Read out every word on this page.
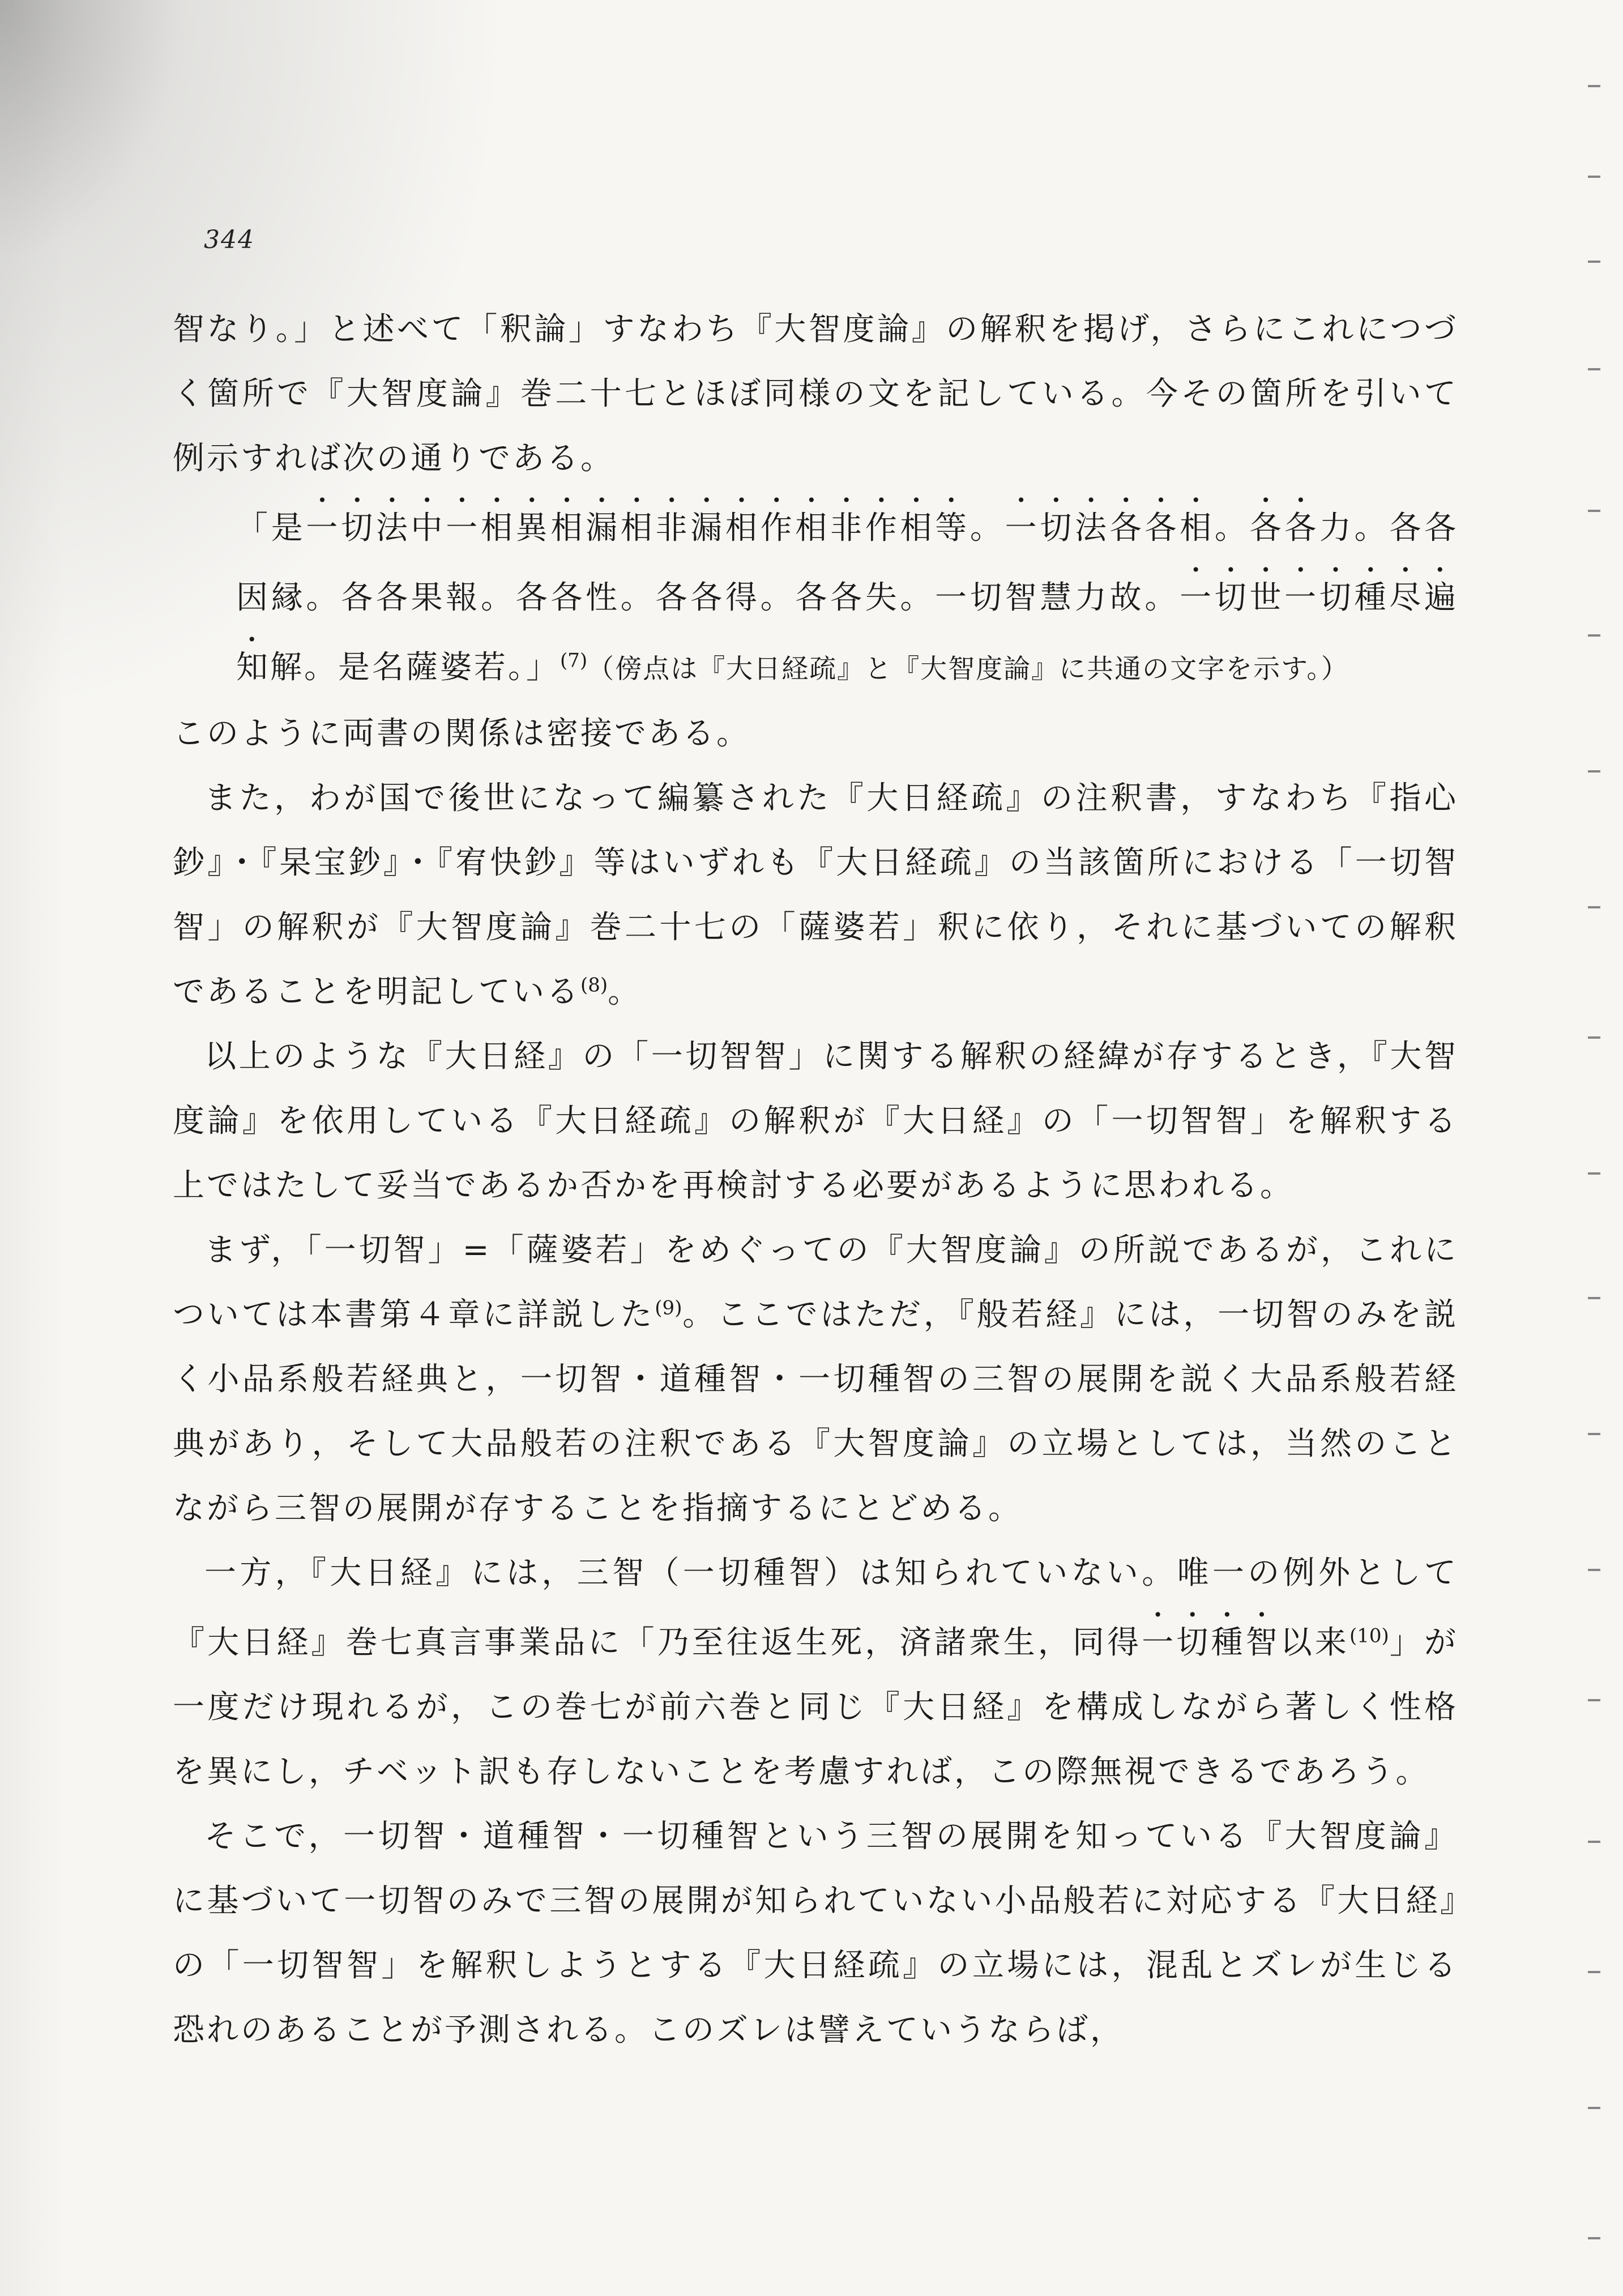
344

智なり。」と述べて「釈論」すなわち『大智度論』の解釈を掲げ，さらにこれにつづく箇所で『大智度論』巻二十七とほぼ同様の文を記している。今その箇所を引いて例示すれば次の通りである。

「是一切法中一相異相漏相非漏相作相非作相等。一切法各各相。各各力。各各因縁。各各果報。各各性。各各得。各各失。一切智慧力故。一切世一切種尽遍知解。是名薩婆若。」$^{(7)}$（傍点は『大日経疏』と『大智度論』に共通の文字を示す。）

このように両書の関係は密接である。

また，わが国で後世になって編纂された『大日経疏』の注釈書，すなわち『指心鈔』・『杲宝鈔』・『宥快鈔』等はいずれも『大日経疏』の当該箇所における「一切智智」の解釈が『大智度論』巻二十七の「薩婆若」釈に依り，それに基づいての解釈であることを明記している$^{(8)}$。

以上のような『大日経』の「一切智智」に関する解釈の経緯が存するとき，『大智度論』を依用している『大日経疏』の解釈が『大日経』の「一切智智」を解釈する上ではたして妥当であるか否かを再検討する必要があるように思われる。

まず，「一切智」=「薩婆若」をめぐっての『大智度論』の所説であるが，これについては本書第４章に詳説した$^{(9)}$。ここではただ，『般若経』には，一切智のみを説く小品系般若経典と，一切智・道種智・一切種智の三智の展開を説く大品系般若経典があり，そして大品般若の注釈である『大智度論』の立場としては，当然のことながら三智の展開が存することを指摘するにとどめる。

一方，『大日経』には，三智（一切種智）は知られていない。唯一の例外として『大日経』巻七真言事業品に「乃至往返生死，済諸衆生，同得一切種智以来$^{(10)}$」が一度だけ現れるが，この巻七が前六巻と同じ『大日経』を構成しながら著しく性格を異にし，チベット訳も存しないことを考慮すれば，この際無視できるであろう。

そこで，一切智・道種智・一切種智という三智の展開を知っている『大智度論』に基づいて一切智のみで三智の展開が知られていない小品般若に対応する『大日経』の「一切智智」を解釈しようとする『大日経疏』の立場には，混乱とズレが生じる恐れのあることが予測される。このズレは譬えていうならば，
